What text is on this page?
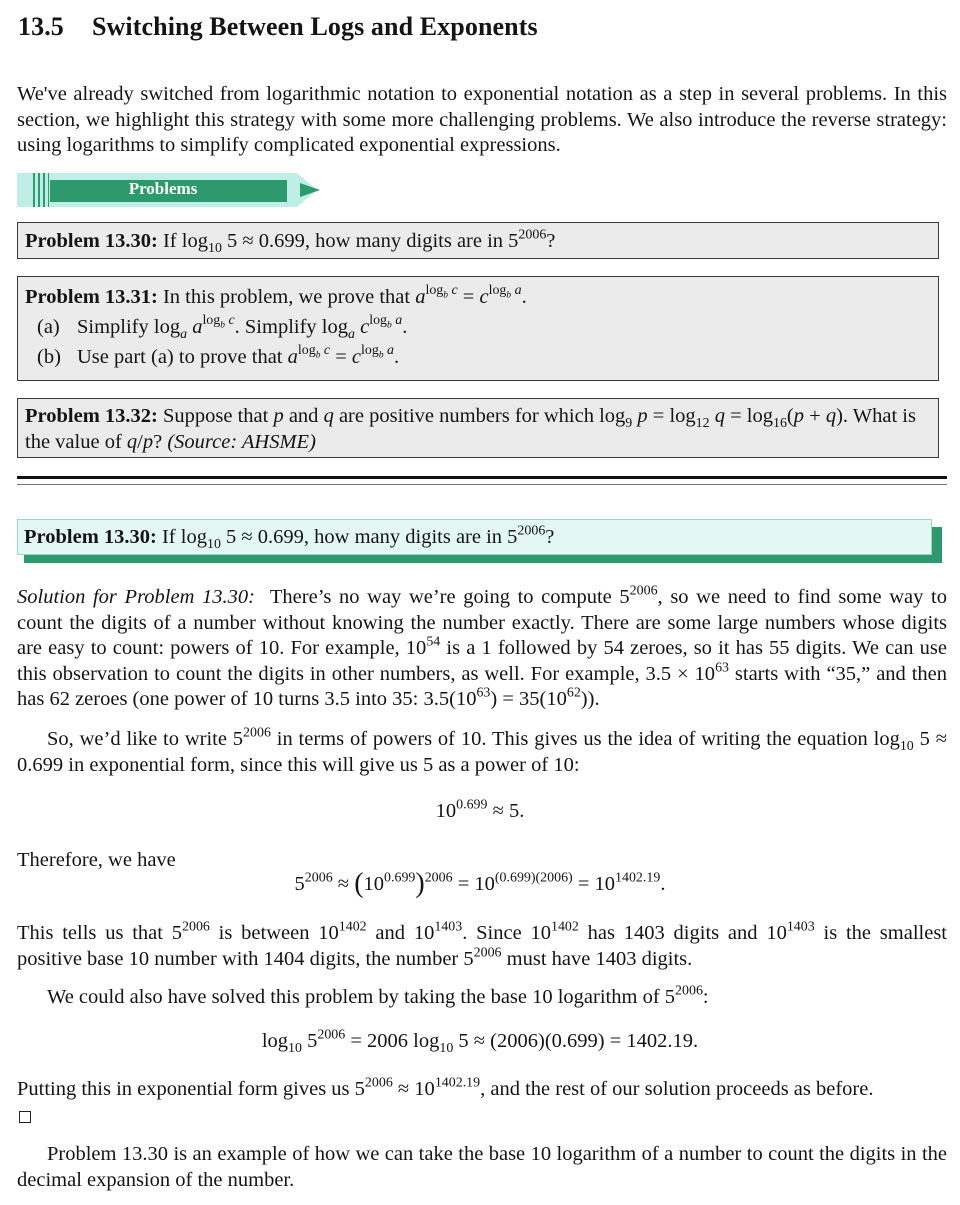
13.5 Switching Between Logs and Exponents
We've already switched from logarithmic notation to exponential notation as a step in several problems. In this section, we highlight this strategy with some more challenging problems. We also introduce the reverse strategy: using logarithms to simplify complicated exponential expressions.
Problems
Problem 13.30: If $\log_{10} 5 \approx 0.699$, how many digits are in $5^{2006}$?
Problem 13.31: In this problem, we prove that $a^{log_b c} = c^{log_b a}$.
(a) Simplify $\log_a a^{log_b c}$. Simplify $\log_a c^{log_b a}$.
(b) Use part (a) to prove that $a^{log_b c} = c^{log_b a}$.
Problem 13.32: Suppose that p and q are positive numbers for which $\log_9 p = \log_{12} q = \log_{16}(p + q)$. What is the value of q/p? (Source: AHSME)
Problem 13.30: If $\log_{10} 5 \approx 0.699$, how many digits are in $5^{2006}$?
Solution for Problem 13.30:  There’s no way we’re going to compute $5^{2006}$, so we need to find some way to count the digits of a number without knowing the number exactly. There are some large numbers whose digits are easy to count: powers of 10. For example, $10^{54}$ is a 1 followed by 54 zeroes, so it has 55 digits. We can use this observation to count the digits in other numbers, as well. For example, $3.5 \times 10^{63}$ starts with “35,” and then has 62 zeroes (one power of 10 turns 3.5 into 35: $3.5(10^{63}) = 35(10^{62})$).
So, we’d like to write $5^{2006}$ in terms of powers of 10. This gives us the idea of writing the equation $\log_{10} 5 \approx 0.699$ in exponential form, since this will give us 5 as a power of 10:
$10^{0.699} \approx 5$.
Therefore, we have
$5^{2006} \approx (10^{0.699})^{2006} = 10^{(0.699)(2006)} = 10^{1402.19}$.
This tells us that $5^{2006}$ is between $10^{1402}$ and $10^{1403}$. Since $10^{1402}$ has 1403 digits and $10^{1403}$ is the smallest positive base 10 number with 1404 digits, the number $5^{2006}$ must have 1403 digits.
We could also have solved this problem by taking the base 10 logarithm of $5^{2006}$:
$\log_{10} 5^{2006} = 2006$ $\log_{10} 5 \approx (2006)(0.699) = 1402.19$.
Putting this in exponential form gives us $5^{2006} \approx 10^{1402.19}$, and the rest of our solution proceeds as before.
Problem 13.30 is an example of how we can take the base 10 logarithm of a number to count the digits in the decimal expansion of the number.
